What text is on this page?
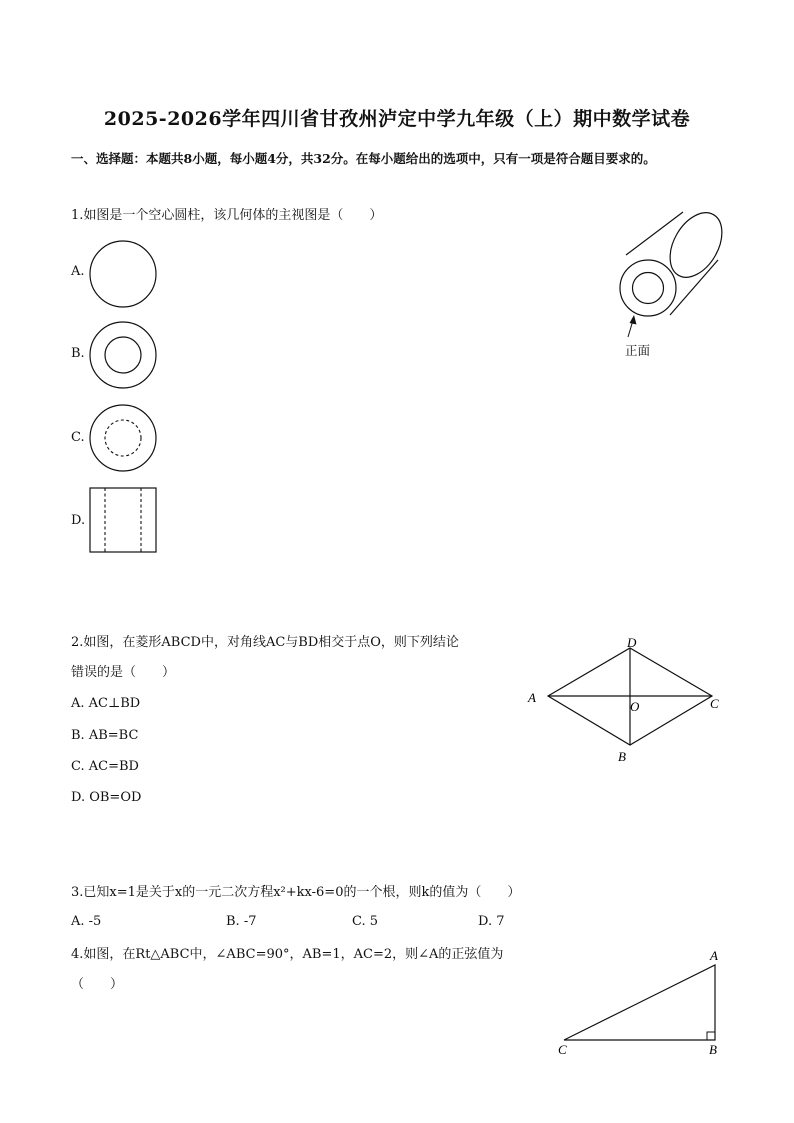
2025-2026学年四川省甘孜州泸定中学九年级（上）期中数学试卷
一、选择题：本题共8小题，每小题4分，共32分。在每小题给出的选项中，只有一项是符合题目要求的。
1.如图是一个空心圆柱，该几何体的主视图是（　　）
A.
B.
C.
D.
正面
2.如图，在菱形ABCD中，对角线AC与BD相交于点O，则下列结论
错误的是（　　）
A. AC⊥BD
B. AB=BC
C. AC=BD
D. OB=OD
A
B
C
D
O
3.已知x=1是关于x的一元二次方程x²+kx-6=0的一个根，则k的值为（　　）
A. -5	B. -7	C. 5	D. 7
4.如图，在Rt△ABC中，∠ABC=90°，AB=1，AC=2，则∠A的正弦值为
（　　）
A
B
C
